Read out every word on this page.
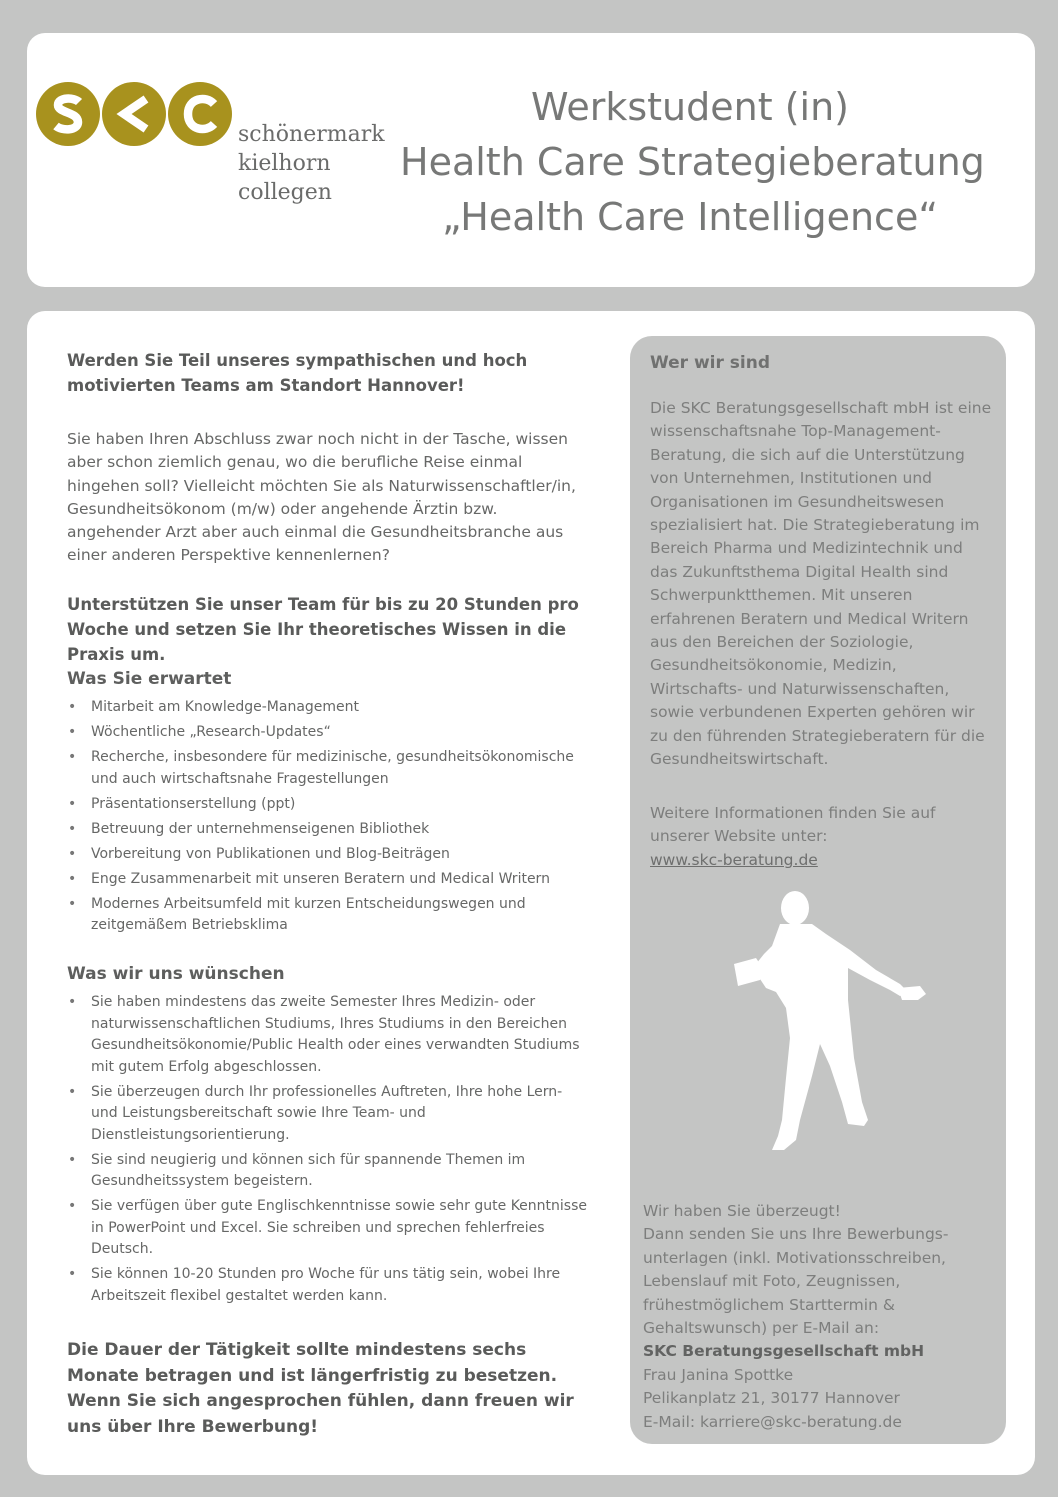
schönermark
kielhorn
collegen
Werkstudent (in)
Health Care Strategieberatung
„Health Care Intelligence“
Werden Sie Teil unseres sympathischen und hoch motivierten Teams am Standort Hannover!
Sie haben Ihren Abschluss zwar noch nicht in der Tasche, wissen aber schon ziemlich genau, wo die berufliche Reise einmal hingehen soll? Vielleicht möchten Sie als Naturwissenschaftler/in, Gesundheitsökonom (m/w) oder angehende Ärztin bzw. angehender Arzt aber auch einmal die Gesundheitsbranche aus einer anderen Perspektive kennenlernen?
Unterstützen Sie unser Team für bis zu 20 Stunden pro Woche und setzen Sie Ihr theoretisches Wissen in die Praxis um.
Was Sie erwartet
• Mitarbeit am Knowledge-Management
• Wöchentliche „Research-Updates“
• Recherche, insbesondere für medizinische, gesundheitsökonomische und auch wirtschaftsnahe Fragestellungen
• Präsentationserstellung (ppt)
• Betreuung der unternehmenseigenen Bibliothek
• Vorbereitung von Publikationen und Blog-Beiträgen
• Enge Zusammenarbeit mit unseren Beratern und Medical Writern
• Modernes Arbeitsumfeld mit kurzen Entscheidungswegen und zeitgemäßem Betriebsklima
Was wir uns wünschen
• Sie haben mindestens das zweite Semester Ihres Medizin- oder naturwissenschaftlichen Studiums, Ihres Studiums in den Bereichen Gesundheitsökonomie/Public Health oder eines verwandten Studiums mit gutem Erfolg abgeschlossen.
• Sie überzeugen durch Ihr professionelles Auftreten, Ihre hohe Lern- und Leistungsbereitschaft sowie Ihre Team- und Dienstleistungsorientierung.
• Sie sind neugierig und können sich für spannende Themen im Gesundheitssystem begeistern.
• Sie verfügen über gute Englischkenntnisse sowie sehr gute Kenntnisse in PowerPoint und Excel. Sie schreiben und sprechen fehlerfreies Deutsch.
• Sie können 10-20 Stunden pro Woche für uns tätig sein, wobei Ihre Arbeitszeit flexibel gestaltet werden kann.
Die Dauer der Tätigkeit sollte mindestens sechs Monate betragen und ist längerfristig zu besetzen. Wenn Sie sich angesprochen fühlen, dann freuen wir uns über Ihre Bewerbung!
Wer wir sind
Die SKC Beratungsgesellschaft mbH ist eine
wissenschaftsnahe Top-Management-
Beratung, die sich auf die Unterstützung
von Unternehmen, Institutionen und
Organisationen im Gesundheitswesen
spezialisiert hat. Die Strategieberatung im
Bereich Pharma und Medizintechnik und
das Zukunftsthema Digital Health sind
Schwerpunktthemen. Mit unseren
erfahrenen Beratern und Medical Writern
aus den Bereichen der Soziologie,
Gesundheitsökonomie, Medizin,
Wirtschafts- und Naturwissenschaften,
sowie verbundenen Experten gehören wir
zu den führenden Strategieberatern für die
Gesundheitswirtschaft.
Weitere Informationen finden Sie auf
unserer Website unter:
www.skc-beratung.de
Wir haben Sie überzeugt!
Dann senden Sie uns Ihre Bewerbungs-
unterlagen (inkl. Motivationsschreiben,
Lebenslauf mit Foto, Zeugnissen,
frühestmöglichem Starttermin &
Gehaltswunsch) per E-Mail an:
SKC Beratungsgesellschaft mbH
Frau Janina Spottke
Pelikanplatz 21, 30177 Hannover
E-Mail: karriere@skc-beratung.de
